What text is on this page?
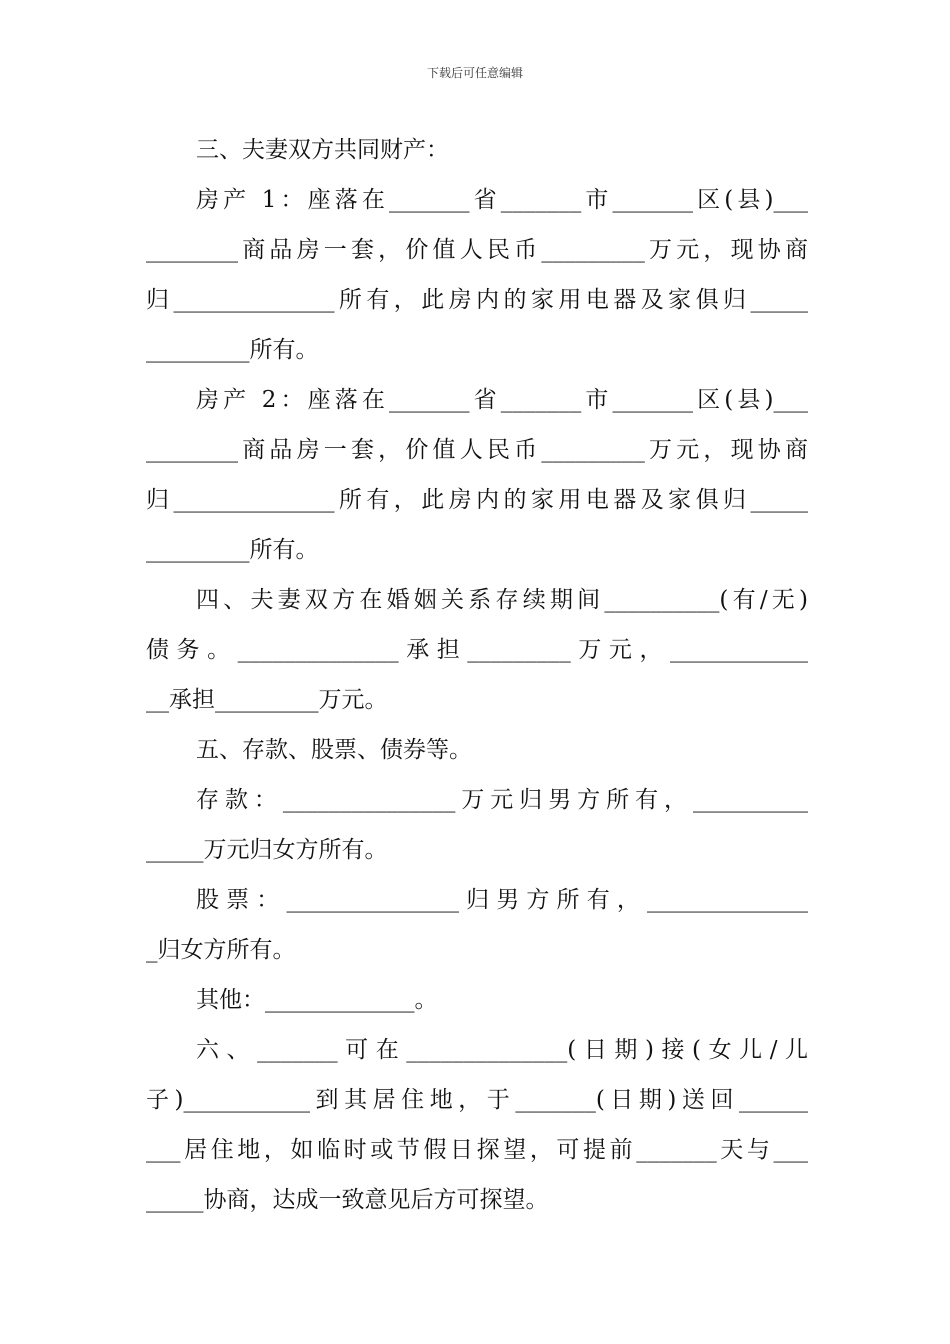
下载后可任意编辑
三、夫妻双方共同财产：
房产 1：座落在_______省_______市_______区(县)___
________商品房一套，价值人民币_________万元，现协商
归______________所有，此房内的家用电器及家俱归_____
_________所有。
房产 2：座落在_______省_______市_______区(县)___
________商品房一套，价值人民币_________万元，现协商
归______________所有，此房内的家用电器及家俱归_____
_________所有。
四、夫妻双方在婚姻关系存续期间__________(有/无)
债务。______________承担_________万元，____________
__承担_________万元。
五、存款、股票、债券等。
存款：_______________万元归男方所有，__________
_____万元归女方所有。
股票：_______________归男方所有，______________
_归女方所有。
其他：_____________。
六、_______可在______________(日期)接(女儿/儿
子)___________到其居住地，于_______(日期)送回______
___居住地，如临时或节假日探望，可提前_______天与___
_____协商，达成一致意见后方可探望。
